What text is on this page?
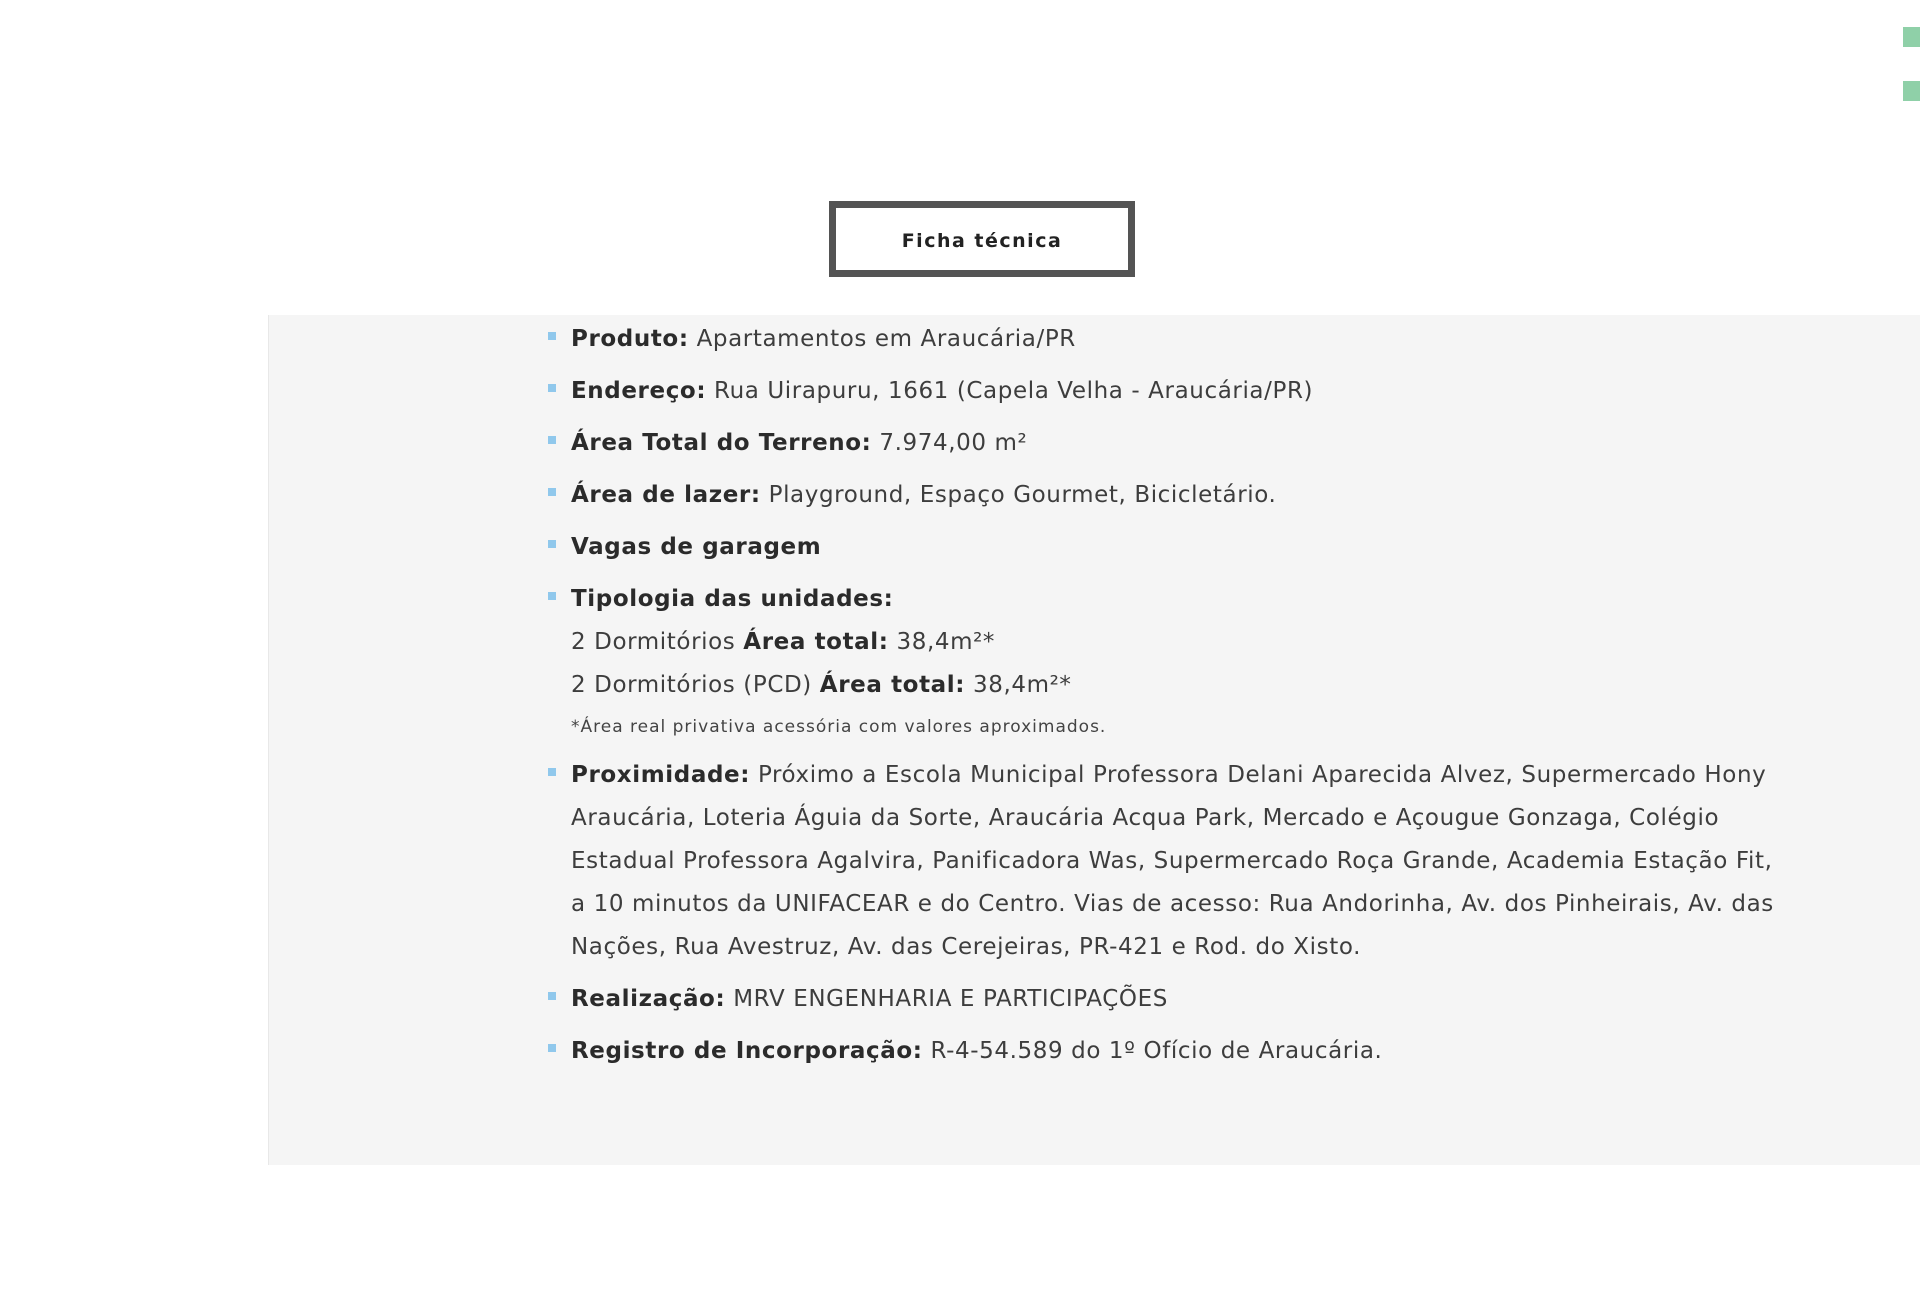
Ficha técnica
Produto: Apartamentos em Araucária/PR
Endereço: Rua Uirapuru, 1661 (Capela Velha - Araucária/PR)
Área Total do Terreno: 7.974,00 m²
Área de lazer: Playground, Espaço Gourmet, Bicicletário.
Vagas de garagem
Tipologia das unidades:
2 Dormitórios Área total: 38,4m²*
2 Dormitórios (PCD) Área total: 38,4m²*
*Área real privativa acessória com valores aproximados.
Proximidade: Próximo a Escola Municipal Professora Delani Aparecida Alvez, Supermercado Hony Araucária, Loteria Águia da Sorte, Araucária Acqua Park, Mercado e Açougue Gonzaga, Colégio Estadual Professora Agalvira, Panificadora Was, Supermercado Roça Grande, Academia Estação Fit, a 10 minutos da UNIFACEAR e do Centro. Vias de acesso: Rua Andorinha, Av. dos Pinheirais, Av. das Nações, Rua Avestruz, Av. das Cerejeiras, PR-421 e Rod. do Xisto.
Realização: MRV ENGENHARIA E PARTICIPAÇÕES
Registro de Incorporação: R-4-54.589 do 1º Ofício de Araucária.
